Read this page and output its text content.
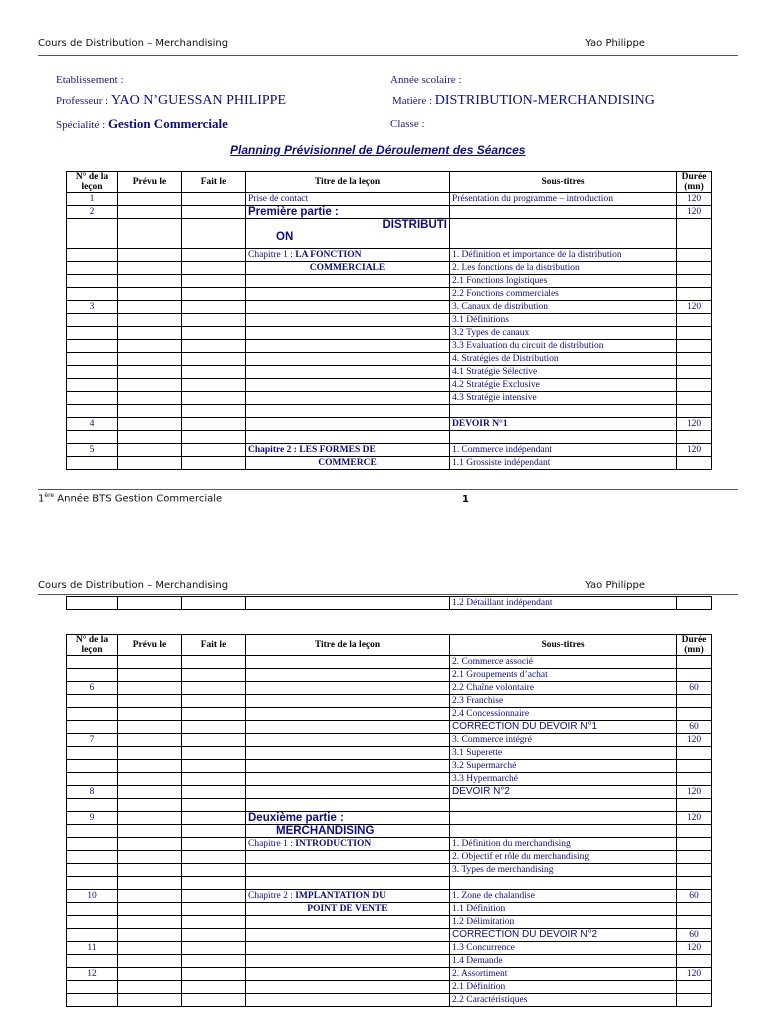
Cours de Distribution – Merchandising	Yao Philippe
Etablissement :	Année scolaire :
Professeur : YAO N’GUESSAN PHILIPPE	Matière : DISTRIBUTION-MERCHANDISING
Spécialité : Gestion Commerciale	Classe :
Planning Prévisionnel de Déroulement des Séances
N° de la leçon	Prévu le	Fait le	Titre de la leçon	Sous-titres	Durée (mn)
1			Prise de contact	Présentation du programme – introduction	120
2			Première partie :		120

			DISTRIBUTI
ON		

			Chapitre 1 : LA FONCTION	1. Définition et importance de la distribution	

			COMMERCIALE	2. Les fonctions de la distribution	
				2.1 Fonctions logistiques	
				2.2 Fonctions commerciales	
3				3. Canaux de distribution	120
				3.1 Définitions	
				3.2 Types de canaux	
				3.3 Evaluation du circuit de distribution	
				4. Stratégies de Distribution	
				4.1 Stratégie Sélective	
				4.2 Stratégie Exclusive	
				4.3 Stratégie intensive	

4				DEVOIR N°1	120

5			Chapitre 2 : LES FORMES DE	1. Commerce indépendant	120

			COMMERCE	1.1 Grossiste indépendant	
1ère Année BTS Gestion Commerciale	1
Cours de Distribution – Merchandising	Yao Philippe
				1.2 Détaillant indépendant	
N° de la leçon	Prévu le	Fait le	Titre de la leçon	Sous-titres	Durée (mn)
				2. Commerce associé	
				2.1 Groupements d’achat	
6				2.2 Chaîne volontaire	60
				2.3 Franchise	
				2.4 Concessionnaire	
				CORRECTION DU DEVOIR N°1	60
7				3. Commerce intégré	120
				3.1 Superette	
				3.2 Supermarché	
				3.3 Hypermarché	
8				DEVOIR N°2	120

9			Deuxième partie :		120
			MERCHANDISING		
			Chapitre 1 : INTRODUCTION	1. Définition du merchandising	
				2. Objectif et rôle du merchandising	
				3. Types de merchandising	

10			Chapitre 2 : IMPLANTATION DU	1. Zone de chalandise	60

			POINT DE VENTE	1.1 Définition	
				1.2 Délimitation	
				CORRECTION DU DEVOIR N°2	60
11				1.3 Concurrence	120
				1.4 Demande	
12				2. Assortiment	120
				2.1 Définition	
				2.2 Caractéristiques	
